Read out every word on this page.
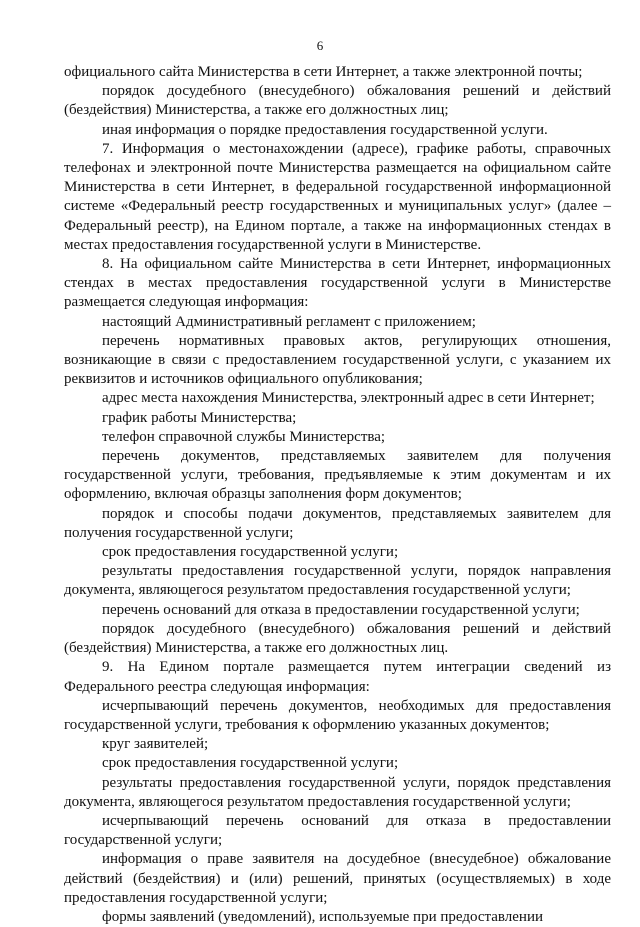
6

официального сайта Министерства в сети Интернет, а также электронной почты;

порядок досудебного (внесудебного) обжалования решений и действий (бездействия) Министерства, а также его должностных лиц;

иная информация о порядке предоставления государственной услуги.

7. Информация о местонахождении (адресе), графике работы, справочных телефонах и электронной почте Министерства размещается на официальном сайте Министерства в сети Интернет, в федеральной государственной информационной системе «Федеральный реестр государственных и муниципальных услуг» (далее – Федеральный реестр), на Едином портале, а также на информационных стендах в местах предоставления государственной услуги в Министерстве.

8. На официальном сайте Министерства в сети Интернет, информационных стендах в местах предоставления государственной услуги в Министерстве размещается следующая информация:

настоящий Административный регламент с приложением;

перечень нормативных правовых актов, регулирующих отношения, возникающие в связи с предоставлением государственной услуги, с указанием их реквизитов и источников официального опубликования;

адрес места нахождения Министерства, электронный адрес в сети Интернет;

график работы Министерства;

телефон справочной службы Министерства;

перечень документов, представляемых заявителем для получения государственной услуги, требования, предъявляемые к этим документам и их оформлению, включая образцы заполнения форм документов;

порядок и способы подачи документов, представляемых заявителем для получения государственной услуги;

срок предоставления государственной услуги;

результаты предоставления государственной услуги, порядок направления документа, являющегося результатом предоставления государственной услуги;

перечень оснований для отказа в предоставлении государственной услуги;

порядок досудебного (внесудебного) обжалования решений и действий (бездействия) Министерства, а также его должностных лиц.

9. На Едином портале размещается путем интеграции сведений из Федерального реестра следующая информация:

исчерпывающий перечень документов, необходимых для предоставления государственной услуги, требования к оформлению указанных документов;

круг заявителей;

срок предоставления государственной услуги;

результаты предоставления государственной услуги, порядок представления документа, являющегося результатом предоставления государственной услуги;

исчерпывающий перечень оснований для отказа в предоставлении государственной услуги;

информация о праве заявителя на досудебное (внесудебное) обжалование действий (бездействия) и (или) решений, принятых (осуществляемых) в ходе предоставления государственной услуги;

формы заявлений (уведомлений), используемые при предоставлении
